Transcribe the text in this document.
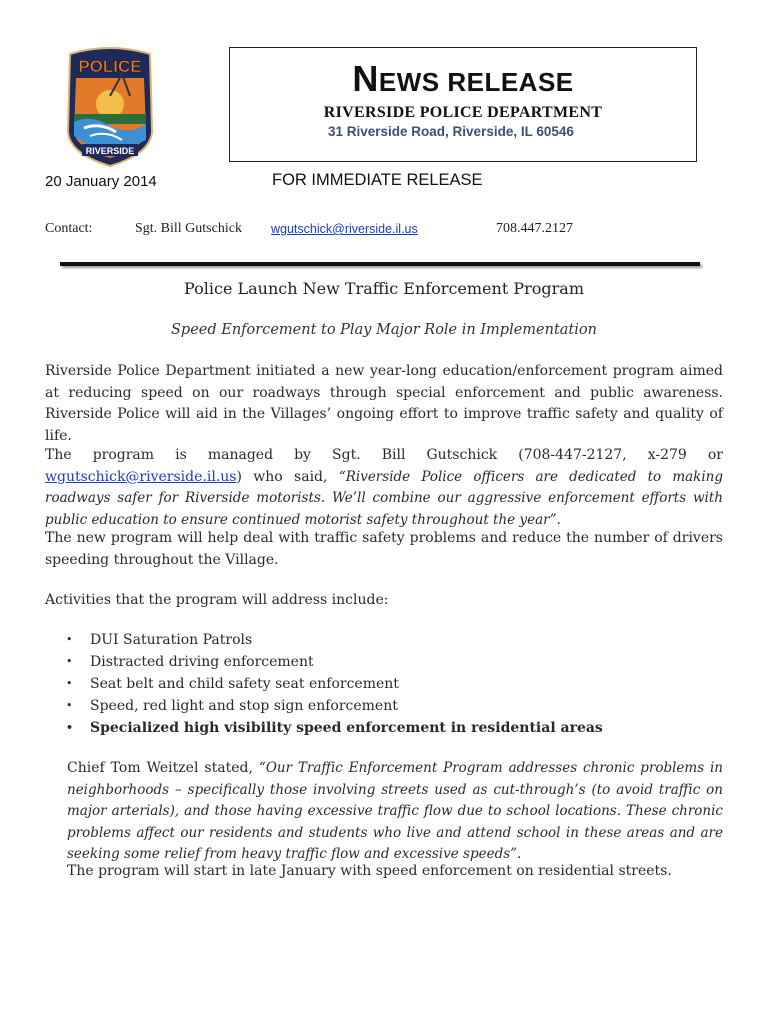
POLICE
RIVERSIDE
NEWS RELEASE
RIVERSIDE POLICE DEPARTMENT
31 Riverside Road, Riverside, IL 60546
20 January 2014	FOR IMMEDIATE RELEASE
Contact:	Sgt. Bill Gutschick wgutschick@riverside.il.us	708.447.2127
Police Launch New Traffic Enforcement Program
Speed Enforcement to Play Major Role in Implementation

Riverside Police Department initiated a new year-long education/enforcement program aimed at reducing speed on our roadways through special enforcement and public awareness. Riverside Police will aid in the Villages’ ongoing effort to improve traffic safety and quality of life.

The program is managed by Sgt. Bill Gutschick (708-447-2127, x-279 or wgutschick@riverside.il.us) who said, “Riverside Police officers are dedicated to making roadways safer for Riverside motorists. We’ll combine our aggressive enforcement efforts with public education to ensure continued motorist safety throughout the year”.

The new program will help deal with traffic safety problems and reduce the number of drivers speeding throughout the Village.

Activities that the program will address include:

• DUI Saturation Patrols
• Distracted driving enforcement
• Seat belt and child safety seat enforcement
• Speed, red light and stop sign enforcement
• Specialized high visibility speed enforcement in residential areas

Chief Tom Weitzel stated, “Our Traffic Enforcement Program addresses chronic problems in neighborhoods – specifically those involving streets used as cut-through’s (to avoid traffic on major arterials), and those having excessive traffic flow due to school locations. These chronic problems affect our residents and students who live and attend school in these areas and are seeking some relief from heavy traffic flow and excessive speeds”.

The program will start in late January with speed enforcement on residential streets.
